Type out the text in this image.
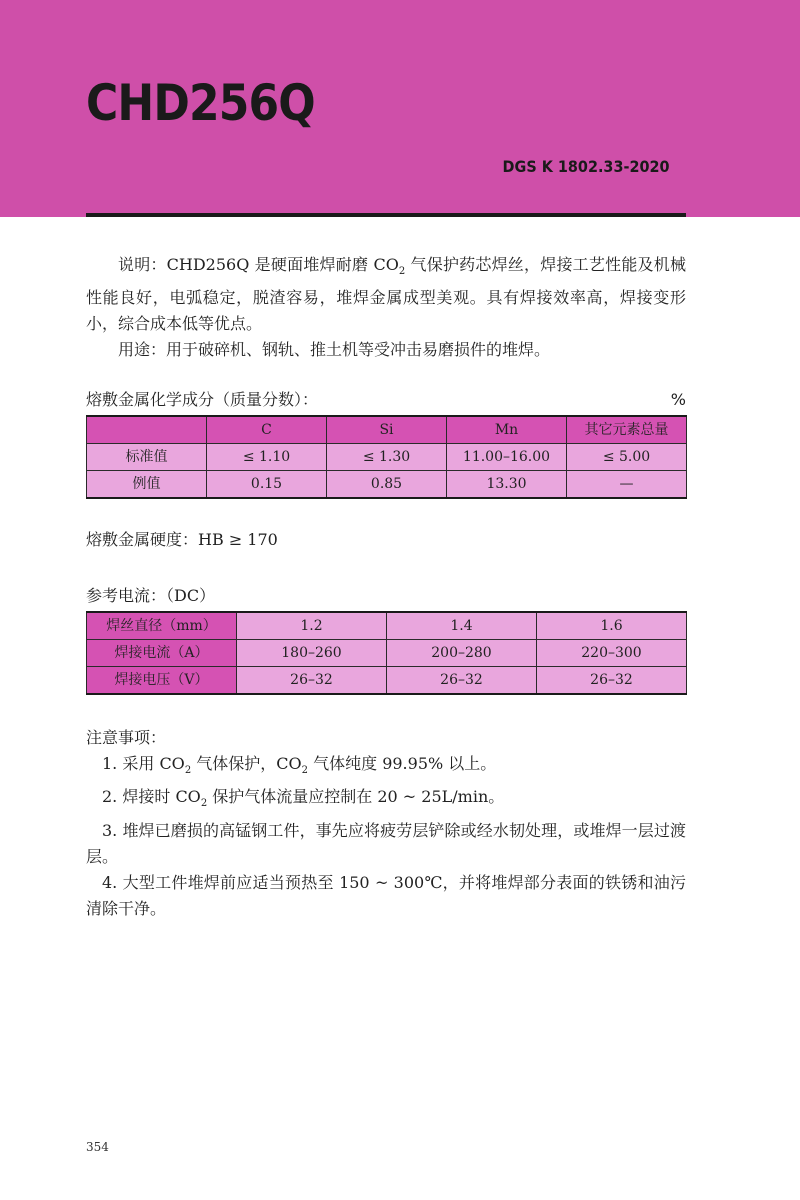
CHD256Q
DGS K 1802.33-2020

说明：CHD256Q 是硬面堆焊耐磨 $CO_2$ 气保护药芯焊丝，焊接工艺性能及机械性能良好，电弧稳定，脱渣容易，堆焊金属成型美观。具有焊接效率高，焊接变形小，综合成本低等优点。

用途：用于破碎机、钢轨、推土机等受冲击易磨损件的堆焊。

熔敷金属化学成分（质量分数）：	%
	C	Si	Mn	其它元素总量
标准值	≤ 1.10	≤ 1.30	11.00–16.00	≤ 5.00
例值	0.15	0.85	13.30	—
熔敷金属硬度：HB ≥ 170
参考电流：（DC）
焊丝直径（mm）	1.2	1.4	1.6
焊接电流（A）	180–260	200–280	220–300
焊接电压（V）	26–32	26–32	26–32
注意事项：

1. 采用 $CO_2$ 气体保护，$CO_2$ 气体纯度 99.95% 以上。

2. 焊接时 $CO_2$ 保护气体流量应控制在 20 ~ 25L/min。

3. 堆焊已磨损的高锰钢工件，事先应将疲劳层铲除或经水韧处理，或堆焊一层过渡层。

4. 大型工件堆焊前应适当预热至 150 ~ 300℃，并将堆焊部分表面的铁锈和油污清除干净。

354
